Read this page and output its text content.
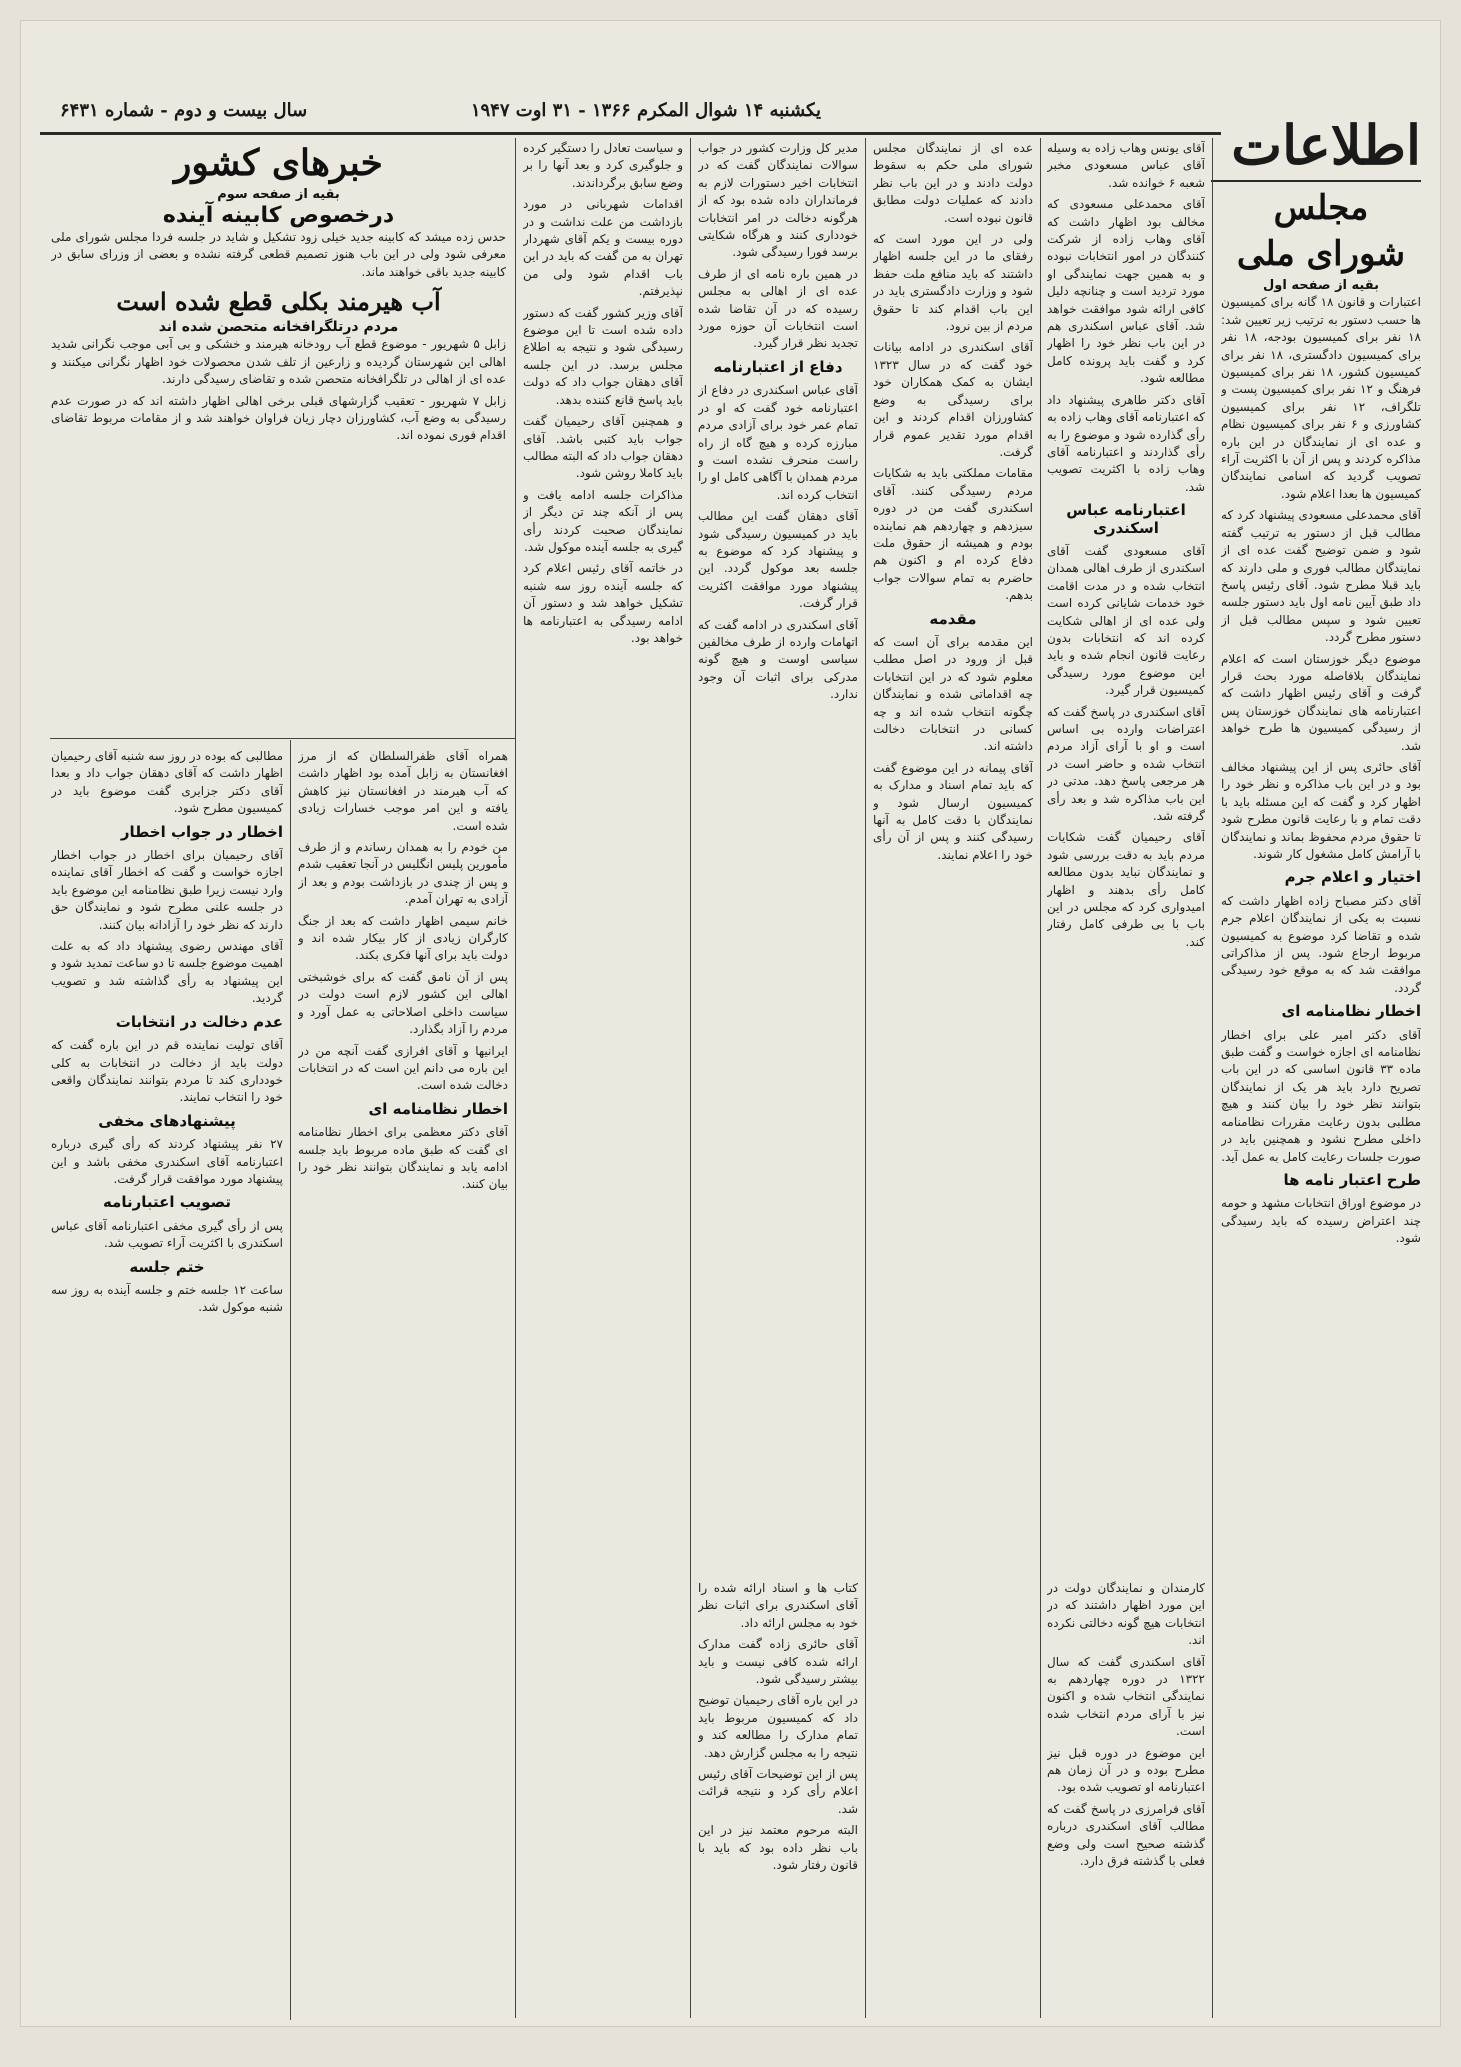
یکشنبه ۱۴ شوال المکرم ۱۳۶۶ - ۳۱ اوت ۱۹۴۷
سال بیست و دوم - شماره ۶۴۳۱
اطلاعات
مجلس شورای ملی
بقیه از صفحه اول

اعتبارات و قانون ۱۸ گانه برای کمیسیون ها حسب دستور به ترتیب زیر تعیین شد: ۱۸ نفر برای کمیسیون بودجه، ۱۸ نفر برای کمیسیون دادگستری، ۱۸ نفر برای کمیسیون کشور، ۱۸ نفر برای کمیسیون فرهنگ و ۱۲ نفر برای کمیسیون پست و تلگراف، ۱۲ نفر برای کمیسیون کشاورزی و ۶ نفر برای کمیسیون نظام و عده ای از نمایندگان در این باره مذاکره کردند و پس از آن با اکثریت آراء تصویب گردید که اسامی نمایندگان کمیسیون ها بعدا اعلام شود.

آقای محمدعلی مسعودی پیشنهاد کرد که مطالب قبل از دستور به ترتیب گفته شود و ضمن توضیح گفت عده ای از نمایندگان مطالب فوری و ملی دارند که باید قبلا مطرح شود. آقای رئیس پاسخ داد طبق آیین نامه اول باید دستور جلسه تعیین شود و سپس مطالب قبل از دستور مطرح گردد.

موضوع دیگر خوزستان است که اعلام نمایندگان بلافاصله مورد بحث قرار گرفت و آقای رئیس اظهار داشت که اعتبارنامه های نمایندگان خوزستان پس از رسیدگی کمیسیون ها طرح خواهد شد.

آقای حائری پس از این پیشنهاد مخالف بود و در این باب مذاکره و نظر خود را اظهار کرد و گفت که این مسئله باید با دقت تمام و با رعایت قانون مطرح شود تا حقوق مردم محفوظ بماند و نمایندگان با آرامش کامل مشغول کار شوند.

اختیار و اعلام جرم

آقای دکتر مصباح زاده اظهار داشت که نسبت به یکی از نمایندگان اعلام جرم شده و تقاضا کرد موضوع به کمیسیون مربوط ارجاع شود. پس از مذاکراتی موافقت شد که به موقع خود رسیدگی گردد.

اخطار نظامنامه ای

آقای دکتر امیر علی برای اخطار نظامنامه ای اجازه خواست و گفت طبق ماده ۳۳ قانون اساسی که در این باب تصریح دارد باید هر یک از نمایندگان بتوانند نظر خود را بیان کنند و هیچ مطلبی بدون رعایت مقررات نظامنامه داخلی مطرح نشود و همچنین باید در صورت جلسات رعایت کامل به عمل آید.

طرح اعتبار نامه ها

در موضوع اوراق انتخابات مشهد و حومه چند اعتراض رسیده که باید رسیدگی شود.

آقای یونس وهاب زاده به وسیله آقای عباس مسعودی مخبر شعبه ۶ خوانده شد.

آقای محمدعلی مسعودی که مخالف بود اظهار داشت که آقای وهاب زاده از شرکت کنندگان در امور انتخابات نبوده و به همین جهت نمایندگی او مورد تردید است و چنانچه دلیل کافی ارائه شود موافقت خواهد شد. آقای عباس اسکندری هم در این باب نظر خود را اظهار کرد و گفت باید پرونده کامل مطالعه شود.

آقای دکتر طاهری پیشنهاد داد که اعتبارنامه آقای وهاب زاده به رأی گذارده شود و موضوع را به رأی گذاردند و اعتبارنامه آقای وهاب زاده با اکثریت تصویب شد.

اعتبارنامه عباس اسکندری

آقای مسعودی گفت آقای اسکندری از طرف اهالی همدان انتخاب شده و در مدت اقامت خود خدمات شایانی کرده است ولی عده ای از اهالی شکایت کرده اند که انتخابات بدون رعایت قانون انجام شده و باید این موضوع مورد رسیدگی کمیسیون قرار گیرد.

آقای اسکندری در پاسخ گفت که اعتراضات وارده بی اساس است و او با آرای آزاد مردم انتخاب شده و حاضر است در هر مرجعی پاسخ دهد. مدتی در این باب مذاکره شد و بعد رأی گرفته شد.

آقای رحیمیان گفت شکایات مردم باید به دقت بررسی شود و نمایندگان نباید بدون مطالعه کامل رأی بدهند و اظهار امیدواری کرد که مجلس در این باب با بی طرفی کامل رفتار کند.

عده ای از نمایندگان مجلس شورای ملی حکم به سقوط دولت دادند و در این باب نظر دادند که عملیات دولت مطابق قانون نبوده است.

ولی در این مورد است که رفقای ما در این جلسه اظهار داشتند که باید منافع ملت حفظ شود و وزارت دادگستری باید در این باب اقدام کند تا حقوق مردم از بین نرود.

آقای اسکندری در ادامه بیانات خود گفت که در سال ۱۳۲۳ ایشان به کمک همکاران خود برای رسیدگی به وضع کشاورزان اقدام کردند و این اقدام مورد تقدیر عموم قرار گرفت.

مقامات مملکتی باید به شکایات مردم رسیدگی کنند. آقای اسکندری گفت من در دوره سیزدهم و چهاردهم هم نماینده بودم و همیشه از حقوق ملت دفاع کرده ام و اکنون هم حاضرم به تمام سوالات جواب بدهم.

مقدمه

این مقدمه برای آن است که قبل از ورود در اصل مطلب معلوم شود که در این انتخابات چه اقداماتی شده و نمایندگان چگونه انتخاب شده اند و چه کسانی در انتخابات دخالت داشته اند.

آقای پیمانه در این موضوع گفت که باید تمام اسناد و مدارک به کمیسیون ارسال شود و نمایندگان با دقت کامل به آنها رسیدگی کنند و پس از آن رأی خود را اعلام نمایند.

مدیر کل وزارت کشور در جواب سوالات نمایندگان گفت که در انتخابات اخیر دستورات لازم به فرمانداران داده شده بود که از هرگونه دخالت در امر انتخابات خودداری کنند و هرگاه شکایتی برسد فورا رسیدگی شود.

در همین باره نامه ای از طرف عده ای از اهالی به مجلس رسیده که در آن تقاضا شده است انتخابات آن حوزه مورد تجدید نظر قرار گیرد.

دفاع از اعتبارنامه

آقای عباس اسکندری در دفاع از اعتبارنامه خود گفت که او در تمام عمر خود برای آزادی مردم مبارزه کرده و هیچ گاه از راه راست منحرف نشده است و مردم همدان با آگاهی کامل او را انتخاب کرده اند.

آقای دهقان گفت این مطالب باید در کمیسیون رسیدگی شود و پیشنهاد کرد که موضوع به جلسه بعد موکول گردد. این پیشنهاد مورد موافقت اکثریت قرار گرفت.

آقای اسکندری در ادامه گفت که اتهامات وارده از طرف مخالفین سیاسی اوست و هیچ گونه مدرکی برای اثبات آن وجود ندارد.

و سیاست تعادل را دستگیر کرده و جلوگیری کرد و بعد آنها را بر وضع سابق برگرداندند.

اقدامات شهربانی در مورد بازداشت من علت نداشت و در دوره بیست و یکم آقای شهردار تهران به من گفت که باید در این باب اقدام شود ولی من نپذیرفتم.

آقای وزیر کشور گفت که دستور داده شده است تا این موضوع رسیدگی شود و نتیجه به اطلاع مجلس برسد. در این جلسه آقای دهقان جواب داد که دولت باید پاسخ قانع کننده بدهد.

و همچنین آقای رحیمیان گفت جواب باید کتبی باشد. آقای دهقان جواب داد که البته مطالب باید کاملا روشن شود.

مذاکرات جلسه ادامه یافت و پس از آنکه چند تن دیگر از نمایندگان صحبت کردند رأی گیری به جلسه آینده موکول شد.

در خاتمه آقای رئیس اعلام کرد که جلسه آینده روز سه شنبه تشکیل خواهد شد و دستور آن ادامه رسیدگی به اعتبارنامه ها خواهد بود.

خبرهای کشور
بقیه از صفحه سوم
درخصوص کابینه آینده

حدس زده میشد که کابینه جدید خیلی زود تشکیل و شاید در جلسه فردا مجلس شورای ملی معرفی شود ولی در این باب هنوز تصمیم قطعی گرفته نشده و بعضی از وزرای سابق در کابینه جدید باقی خواهند ماند.

آب هیرمند بکلی قطع شده است
مردم درتلگرافخانه متحصن شده اند

زابل ۵ شهریور - موضوع قطع آب رودخانه هیرمند و خشکی و بی آبی موجب نگرانی شدید اهالی این شهرستان گردیده و زارعین از تلف شدن محصولات خود اظهار نگرانی میکنند و عده ای از اهالی در تلگرافخانه متحصن شده و تقاضای رسیدگی دارند.

زابل ۷ شهریور - تعقیب گزارشهای قبلی برخی اهالی اظهار داشته اند که در صورت عدم رسیدگی به وضع آب، کشاورزان دچار زیان فراوان خواهند شد و از مقامات مربوط تقاضای اقدام فوری نموده اند.

مطالبی که بوده در روز سه شنبه آقای رحیمیان اظهار داشت که آقای دهقان جواب داد و بعدا آقای دکتر جزایری گفت موضوع باید در کمیسیون مطرح شود.

اخطار در جواب اخطار

آقای رحیمیان برای اخطار در جواب اخطار اجازه خواست و گفت که اخطار آقای نماینده وارد نیست زیرا طبق نظامنامه این موضوع باید در جلسه علنی مطرح شود و نمایندگان حق دارند که نظر خود را آزادانه بیان کنند.

آقای مهندس رضوی پیشنهاد داد که به علت اهمیت موضوع جلسه تا دو ساعت تمدید شود و این پیشنهاد به رأی گذاشته شد و تصویب گردید.

عدم دخالت در انتخابات

آقای تولیت نماینده قم در این باره گفت که دولت باید از دخالت در انتخابات به کلی خودداری کند تا مردم بتوانند نمایندگان واقعی خود را انتخاب نمایند.

پیشنهادهای مخفی

۲۷ نفر پیشنهاد کردند که رأی گیری درباره اعتبارنامه آقای اسکندری مخفی باشد و این پیشنهاد مورد موافقت قرار گرفت.

تصویب اعتبارنامه

پس از رأی گیری مخفی اعتبارنامه آقای عباس اسکندری با اکثریت آراء تصویب شد.

ختم جلسه

ساعت ۱۲ جلسه ختم و جلسه آینده به روز سه شنبه موکول شد.

همراه آقای ظفرالسلطان که از مرز افغانستان به زابل آمده بود اظهار داشت که آب هیرمند در افغانستان نیز کاهش یافته و این امر موجب خسارات زیادی شده است.

من خودم را به همدان رساندم و از طرف مأمورین پلیس انگلیس در آنجا تعقیب شدم و پس از چندی در بازداشت بودم و بعد از آزادی به تهران آمدم.

خانم سیمی اظهار داشت که بعد از جنگ کارگران زیادی از کار بیکار شده اند و دولت باید برای آنها فکری بکند.

پس از آن نامق گفت که برای خوشبختی اهالی این کشور لازم است دولت در سیاست داخلی اصلاحاتی به عمل آورد و مردم را آزاد بگذارد.

ایرانیها و آقای افرازی گفت آنچه من در این باره می دانم این است که در انتخابات دخالت شده است.

اخطار نظامنامه ای

آقای دکتر معظمی برای اخطار نظامنامه ای گفت که طبق ماده مربوط باید جلسه ادامه یابد و نمایندگان بتوانند نظر خود را بیان کنند.

کتاب ها و اسناد ارائه شده را آقای اسکندری برای اثبات نظر خود به مجلس ارائه داد.

آقای حائری زاده گفت مدارک ارائه شده کافی نیست و باید بیشتر رسیدگی شود.

در این باره آقای رحیمیان توضیح داد که کمیسیون مربوط باید تمام مدارک را مطالعه کند و نتیجه را به مجلس گزارش دهد.

پس از این توضیحات آقای رئیس اعلام رأی کرد و نتیجه قرائت شد.

البته مرحوم معتمد نیز در این باب نظر داده بود که باید با قانون رفتار شود.

کارمندان و نمایندگان دولت در این مورد اظهار داشتند که در انتخابات هیچ گونه دخالتی نکرده اند.

آقای اسکندری گفت که سال ۱۳۲۲ در دوره چهاردهم به نمایندگی انتخاب شده و اکنون نیز با آرای مردم انتخاب شده است.

این موضوع در دوره قبل نیز مطرح بوده و در آن زمان هم اعتبارنامه او تصویب شده بود.

آقای فرامرزی در پاسخ گفت که مطالب آقای اسکندری درباره گذشته صحیح است ولی وضع فعلی با گذشته فرق دارد.
